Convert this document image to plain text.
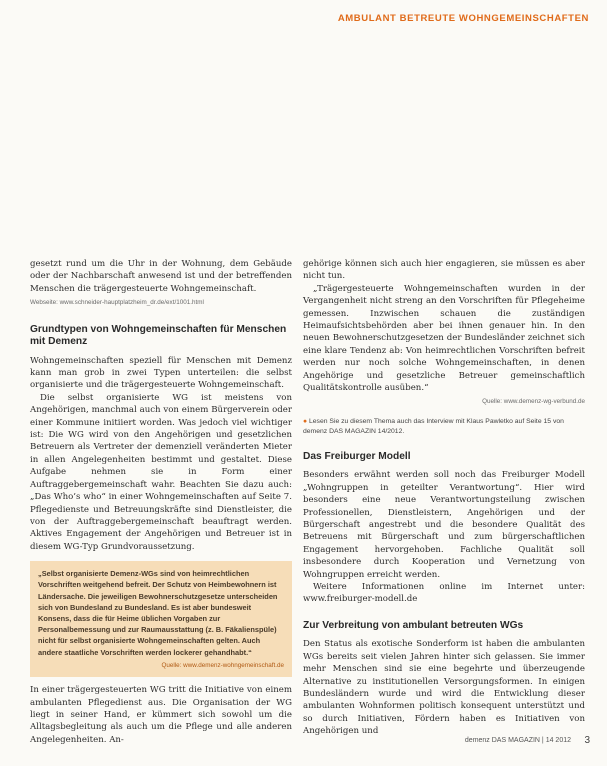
AMBULANT BETREUTE WOHNGEMEINSCHAFTEN

gesetzt rund um die Uhr in der Wohnung, dem Gebäude oder der Nachbarschaft anwesend ist und der betreffenden Menschen die trägergesteuerte Wohngemeinschaft.

Webseite: www.schneider-hauptplatzheim_dr.de/ext/1001.html

Grundtypen von Wohngemeinschaften für Menschen mit Demenz

Wohngemeinschaften speziell für Menschen mit Demenz kann man grob in zwei Typen unterteilen: die selbst organisierte und die trägergesteuerte Wohngemeinschaft.

Die selbst organisierte WG ist meistens von Angehörigen, manchmal auch von einem Bürgerverein oder einer Kommune initiiert worden. Was jedoch viel wichtiger ist: Die WG wird von den Angehörigen und gesetzlichen Betreuern als Vertreter der demenziell veränderten Mieter in allen Angelegenheiten bestimmt und gestaltet. Diese Aufgabe nehmen sie in Form einer Auftraggebergemeinschaft wahr. Beachten Sie dazu auch: „Das Who’s who“ in einer Wohngemeinschaften auf Seite 7. Pflegedienste und Betreuungskräfte sind Dienstleister, die von der Auftraggebergemeinschaft beauftragt werden. Aktives Engagement der Angehörigen und Betreuer ist in diesem WG-Typ Grundvoraussetzung.

„Selbst organisierte Demenz-WGs sind von heimrechtlichen Vorschriften weitgehend befreit. Der Schutz von Heimbewohnern ist Ländersache. Die jeweiligen Bewohnerschutzgesetze unterscheiden sich von Bundesland zu Bundesland. Es ist aber bundesweit Konsens, dass die für Heime üblichen Vorgaben zur Personalbemessung und zur Raumausstattung (z. B. Fäkalienspüle) nicht für selbst organisierte Wohngemeinschaften gelten. Auch andere staatliche Vorschriften werden lockerer gehandhabt.“

Quelle: www.demenz-wohngemeinschaft.de

In einer trägergesteuerten WG tritt die Initiative von einem ambulanten Pflegedienst aus. Die Organisation der WG liegt in seiner Hand, er kümmert sich sowohl um die Alltagsbegleitung als auch um die Pflege und alle anderen Angelegenheiten. An-

gehörige können sich auch hier engagieren, sie müssen es aber nicht tun.

„Trägergesteuerte Wohngemeinschaften wurden in der Vergangenheit nicht streng an den Vorschriften für Pflegeheime gemessen. Inzwischen schauen die zuständigen Heimaufsichtsbehörden aber bei ihnen genauer hin. In den neuen Bewohnerschutzgesetzen der Bundesländer zeichnet sich eine klare Tendenz ab: Von heimrechtlichen Vorschriften befreit werden nur noch solche Wohngemeinschaften, in denen Angehörige und gesetzliche Betreuer gemeinschaftlich Qualitätskontrolle ausüben.“

Quelle: www.demenz-wg-verbund.de

● Lesen Sie zu diesem Thema auch das Interview mit Klaus Pawletko auf Seite 15 von demenz DAS MAGAZIN 14/2012.
Das Freiburger Modell

Besonders erwähnt werden soll noch das Freiburger Modell „Wohngruppen in geteilter Verantwortung“. Hier wird besonders eine neue Verantwortungsteilung zwischen Professionellen, Dienstleistern, Angehörigen und der Bürgerschaft angestrebt und die besondere Qualität des Betreuens mit Bürgerschaft und zum bürgerschaftlichen Engagement hervorgehoben. Fachliche Qualität soll insbesondere durch Kooperation und Vernetzung von Wohngruppen erreicht werden.

Weitere Informationen online im Internet unter: www.freiburger-modell.de

Zur Verbreitung von ambulant betreuten WGs

Den Status als exotische Sonderform ist haben die ambulanten WGs bereits seit vielen Jahren hinter sich gelassen. Sie immer mehr Menschen sind sie eine begehrte und überzeugende Alternative zu institutionellen Versorgungsformen. In einigen Bundesländern wurde und wird die Entwicklung dieser ambulanten Wohnformen politisch konsequent unterstützt und so durch Initiativen, Fördern haben es Initiativen von Angehörigen und

demenz DAS MAGAZIN | 14 2012 3
